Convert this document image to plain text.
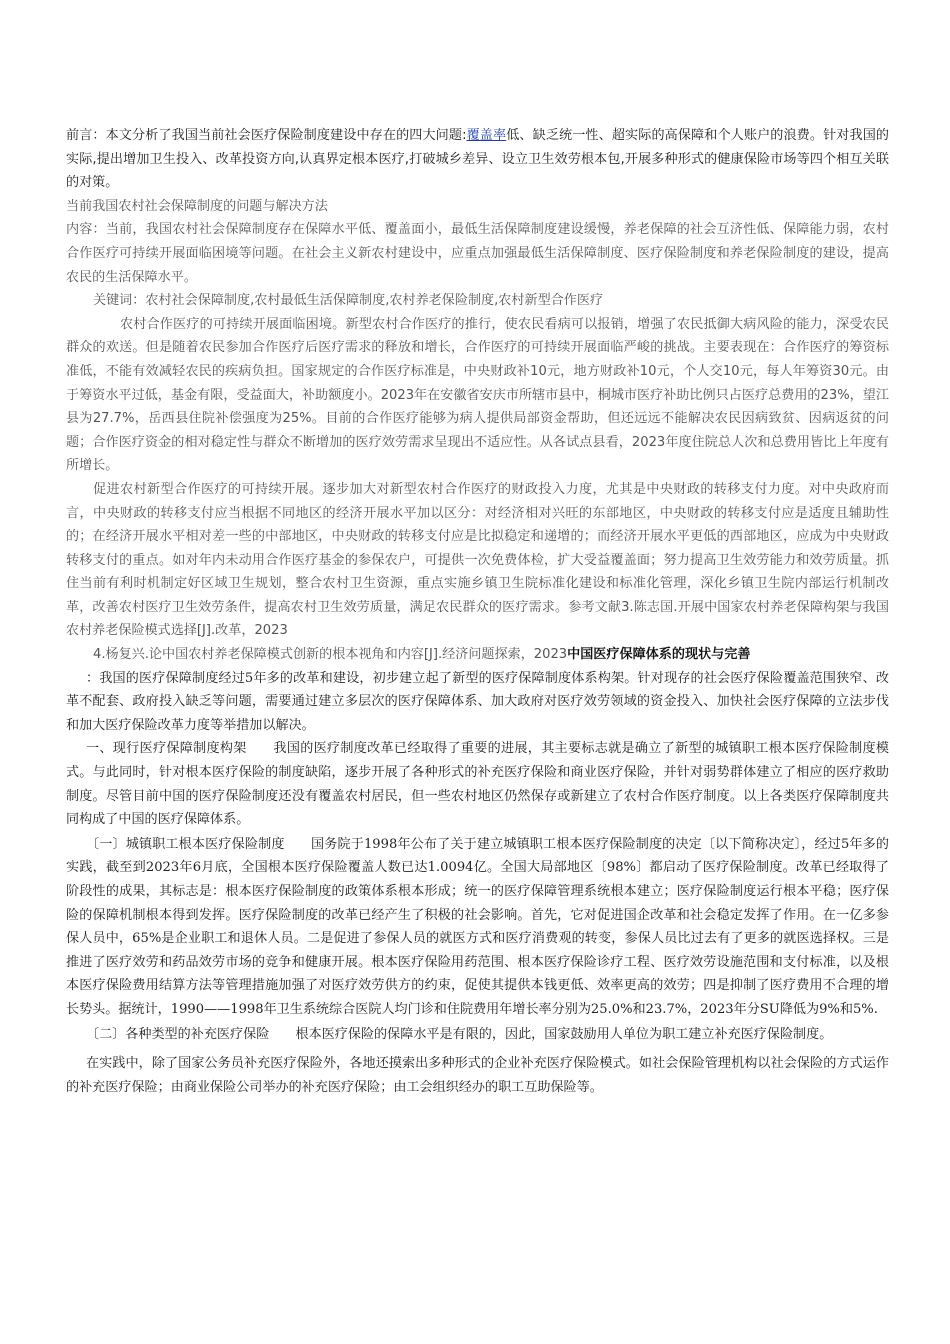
前言：本文分析了我国当前社会医疗保险制度建设中存在的四大问题:覆盖率低、缺乏统一性、超实际的高保障和个人账户的浪费。针对我国的实际,提出增加卫生投入、改革投资方向,认真界定根本医疗,打破城乡差异、设立卫生效劳根本包,开展多种形式的健康保险市场等四个相互关联的对策。

当前我国农村社会保障制度的问题与解决方法

内容：当前，我国农村社会保障制度存在保障水平低、覆盖面小，最低生活保障制度建设缓慢，养老保障的社会互济性低、保障能力弱，农村合作医疗可持续开展面临困境等问题。在社会主义新农村建设中，应重点加强最低生活保障制度、医疗保险制度和养老保险制度的建设，提高农民的生活保障水平。

关键词：农村社会保障制度,农村最低生活保障制度,农村养老保险制度,农村新型合作医疗

农村合作医疗的可持续开展面临困境。新型农村合作医疗的推行，使农民看病可以报销，增强了农民抵御大病风险的能力，深受农民群众的欢送。但是随着农民参加合作医疗后医疗需求的释放和增长，合作医疗的可持续开展面临严峻的挑战。主要表现在：合作医疗的筹资标准低，不能有效减轻农民的疾病负担。国家规定的合作医疗标准是，中央财政补10元，地方财政补10元，个人交10元，每人年筹资30元。由于筹资水平过低，基金有限，受益面大，补助额度小。2023年在安徽省安庆市所辖市县中，桐城市医疗补助比例只占医疗总费用的23%，望江县为27.7%，岳西县住院补偿强度为25%。目前的合作医疗能够为病人提供局部资金帮助，但还远远不能解决农民因病致贫、因病返贫的问题；合作医疗资金的相对稳定性与群众不断增加的医疗效劳需求呈现出不适应性。从各试点县看，2023年度住院总人次和总费用皆比上年度有所增长。

促进农村新型合作医疗的可持续开展。逐步加大对新型农村合作医疗的财政投入力度，尤其是中央财政的转移支付力度。对中央政府而言，中央财政的转移支付应当根据不同地区的经济开展水平加以区分：对经济相对兴旺的东部地区，中央财政的转移支付应是适度且辅助性的；在经济开展水平相对差一些的中部地区，中央财政的转移支付应是比拟稳定和递增的；而经济开展水平更低的西部地区，应成为中央财政转移支付的重点。如对年内未动用合作医疗基金的参保农户，可提供一次免费体检，扩大受益覆盖面；努力提高卫生效劳能力和效劳质量。抓住当前有利时机制定好区域卫生规划，整合农村卫生资源，重点实施乡镇卫生院标准化建设和标准化管理，深化乡镇卫生院内部运行机制改革，改善农村医疗卫生效劳条件，提高农村卫生效劳质量，满足农民群众的医疗需求。参考文献3.陈志国.开展中国家农村养老保障构架与我国农村养老保险模式选择[J].改革，2023

4.杨复兴.论中国农村养老保障模式创新的根本视角和内容[J].经济问题探索，2023中国医疗保障体系的现状与完善

：我国的医疗保障制度经过5年多的改革和建设，初步建立起了新型的医疗保障制度体系构架。针对现存的社会医疗保险覆盖范围狭窄、改革不配套、政府投入缺乏等问题，需要通过建立多层次的医疗保障体系、加大政府对医疗效劳领域的资金投入、加快社会医疗保障的立法步伐和加大医疗保险改革力度等举措加以解决。

一、现行医疗保障制度构架　　我国的医疗制度改革已经取得了重要的进展，其主要标志就是确立了新型的城镇职工根本医疗保险制度模式。与此同时，针对根本医疗保险的制度缺陷，逐步开展了各种形式的补充医疗保险和商业医疗保险，并针对弱势群体建立了相应的医疗救助制度。尽管目前中国的医疗保险制度还没有覆盖农村居民，但一些农村地区仍然保存或新建立了农村合作医疗制度。以上各类医疗保障制度共同构成了中国的医疗保障体系。

〔一〕城镇职工根本医疗保险制度　　国务院于1998年公布了关于建立城镇职工根本医疗保险制度的决定〔以下简称决定〕，经过5年多的实践，截至到2023年6月底，全国根本医疗保险覆盖人数已达1.0094亿。全国大局部地区〔98%〕都启动了医疗保险制度。改革已经取得了阶段性的成果，其标志是：根本医疗保险制度的政策体系根本形成；统一的医疗保障管理系统根本建立；医疗保险制度运行根本平稳；医疗保险的保障机制根本得到发挥。医疗保险制度的改革已经产生了积极的社会影响。首先，它对促进国企改革和社会稳定发挥了作用。在一亿多参保人员中，65%是企业职工和退休人员。二是促进了参保人员的就医方式和医疗消费观的转变，参保人员比过去有了更多的就医选择权。三是推进了医疗效劳和药品效劳市场的竞争和健康开展。根本医疗保险用药范围、根本医疗保险诊疗工程、医疗效劳设施范围和支付标准，以及根本医疗保险费用结算方法等管理措施加强了对医疗效劳供方的约束，促使其提供本钱更低、效率更高的效劳；四是抑制了医疗费用不合理的增长势头。据统计，1990——1998年卫生系统综合医院人均门诊和住院费用年增长率分别为25.0%和23.7%，2023年分SU降低为9%和5%.

〔二〕各种类型的补充医疗保险　　根本医疗保险的保障水平是有限的，因此，国家鼓励用人单位为职工建立补充医疗保险制度。

在实践中，除了国家公务员补充医疗保险外，各地还摸索出多种形式的企业补充医疗保险模式。如社会保险管理机构以社会保险的方式运作的补充医疗保险；由商业保险公司举办的补充医疗保险；由工会组织经办的职工互助保险等。
